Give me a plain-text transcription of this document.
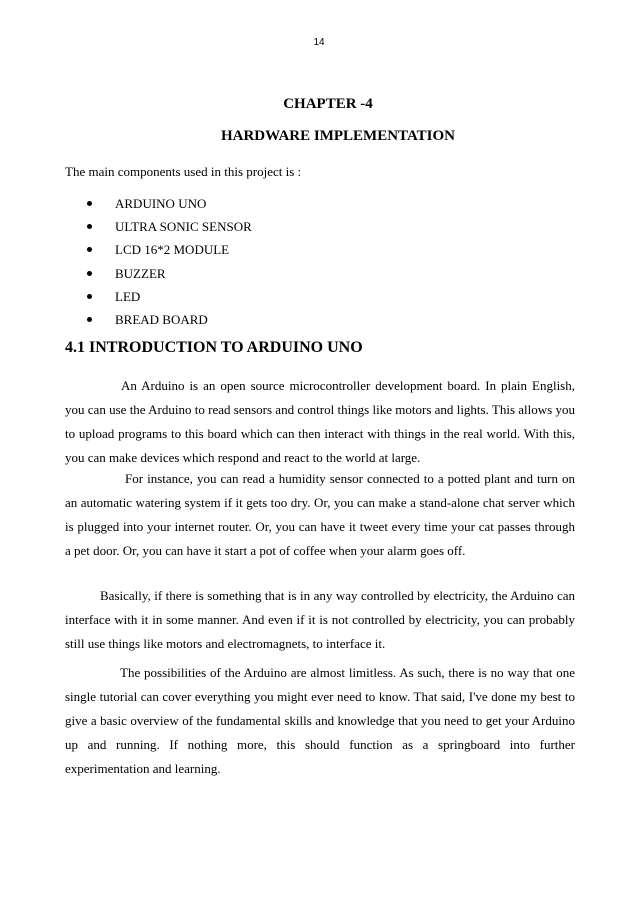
14
CHAPTER -4
HARDWARE IMPLEMENTATION
The main components used in this project is :
ARDUINO UNO
ULTRA SONIC SENSOR
LCD 16*2 MODULE
BUZZER
LED
BREAD BOARD
4.1 INTRODUCTION TO ARDUINO UNO

An Arduino is an open source microcontroller development board. In plain English, you can use the Arduino to read sensors and control things like motors and lights. This allows you to upload programs to this board which can then interact with things in the real world. With this, you can make devices which respond and react to the world at large.

For instance, you can read a humidity sensor connected to a potted plant and turn on an automatic watering system if it gets too dry. Or, you can make a stand-alone chat server which is plugged into your internet router. Or, you can have it tweet every time your cat passes through a pet door. Or, you can have it start a pot of coffee when your alarm goes off.

Basically, if there is something that is in any way controlled by electricity, the Arduino can interface with it in some manner. And even if it is not controlled by electricity, you can probably still use things like motors and electromagnets, to interface it.

The possibilities of the Arduino are almost limitless. As such, there is no way that one single tutorial can cover everything you might ever need to know. That said, I've done my best to give a basic overview of the fundamental skills and knowledge that you need to get your Arduino up and running. If nothing more, this should function as a springboard into further experimentation and learning.
